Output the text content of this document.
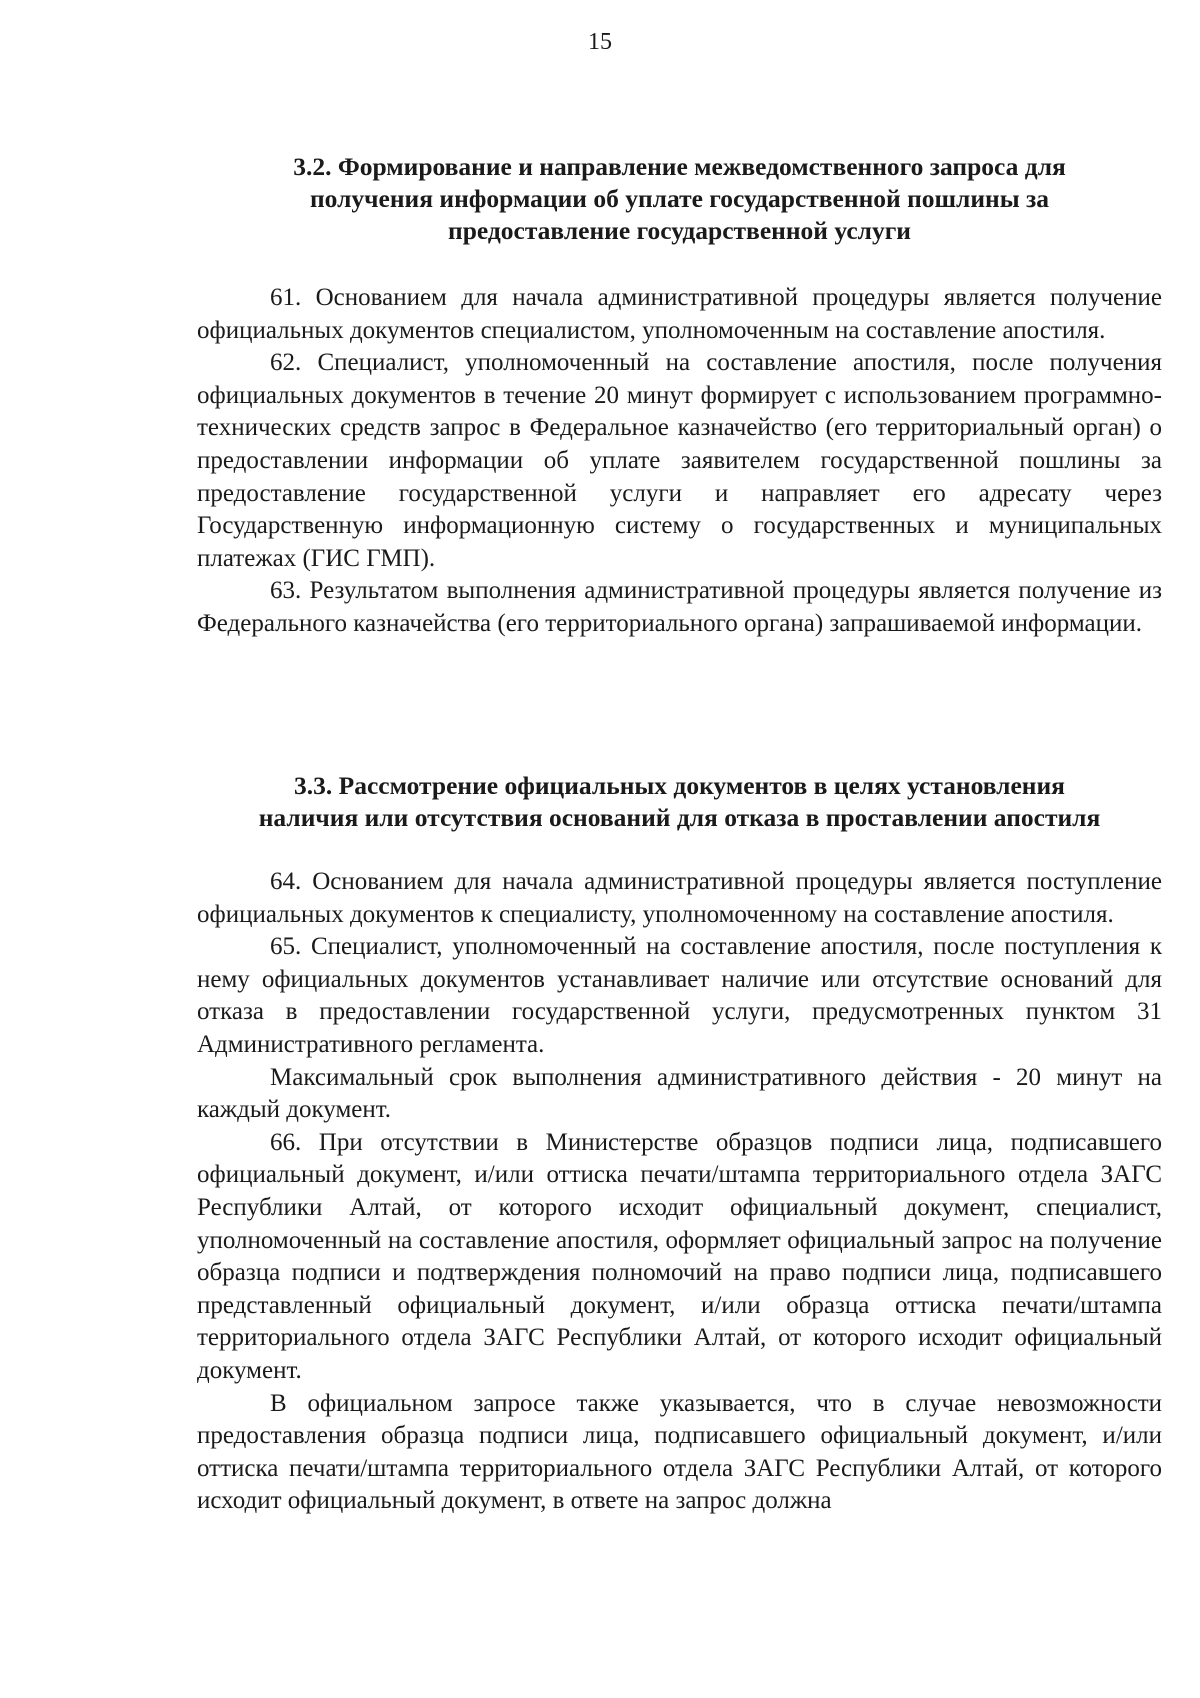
15
3.2. Формирование и направление межведомственного запроса для
получения информации об уплате государственной пошлины за
предоставление государственной услуги

61. Основанием для начала административной процедуры является получение официальных документов специалистом, уполномоченным на составление апостиля.

62. Специалист, уполномоченный на составление апостиля, после получения официальных документов в течение 20 минут формирует с использованием программно-технических средств запрос в Федеральное казначейство (его территориальный орган) о предоставлении информации об уплате заявителем государственной пошлины за предоставление государственной услуги и направляет его адресату через Государственную информационную систему о государственных и муниципальных платежах (ГИС ГМП).

63. Результатом выполнения административной процедуры является получение из Федерального казначейства (его территориального органа) запрашиваемой информации.

3.3. Рассмотрение официальных документов в целях установления
наличия или отсутствия оснований для отказа в проставлении апостиля

64. Основанием для начала административной процедуры является поступление официальных документов к специалисту, уполномоченному на составление апостиля.

65. Специалист, уполномоченный на составление апостиля, после поступления к нему официальных документов устанавливает наличие или отсутствие оснований для отказа в предоставлении государственной услуги, предусмотренных пунктом 31 Административного регламента.

Максимальный срок выполнения административного действия - 20 минут на каждый документ.

66. При отсутствии в Министерстве образцов подписи лица, подписавшего официальный документ, и/или оттиска печати/штампа территориального отдела ЗАГС Республики Алтай, от которого исходит официальный документ, специалист, уполномоченный на составление апостиля, оформляет официальный запрос на получение образца подписи и подтверждения полномочий на право подписи лица, подписавшего представленный официальный документ, и/или образца оттиска печати/штампа территориального отдела ЗАГС Республики Алтай, от которого исходит официальный документ.

В официальном запросе также указывается, что в случае невозможности предоставления образца подписи лица, подписавшего официальный документ, и/или оттиска печати/штампа территориального отдела ЗАГС Республики Алтай, от которого исходит официальный документ, в ответе на запрос должна
